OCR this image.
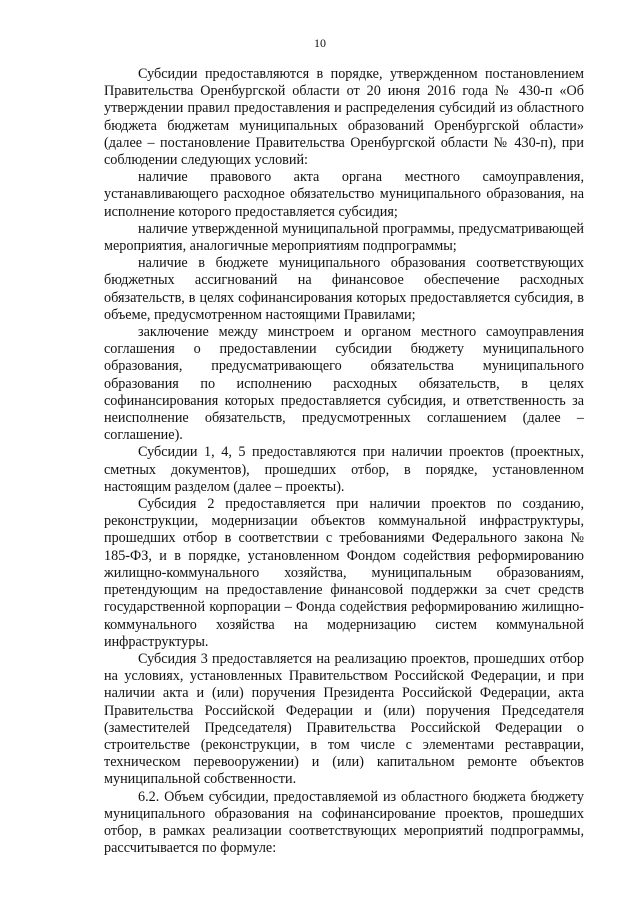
10

Субсидии предоставляются в порядке, утвержденном постановлением Правительства Оренбургской области от 20 июня 2016 года № 430-п «Об утверждении правил предоставления и распределения субсидий из областного бюджета бюджетам муниципальных образований Оренбургской области» (далее – постановление Правительства Оренбургской области № 430-п), при соблюдении следующих условий:

наличие правового акта органа местного самоуправления, устанавливающего расходное обязательство муниципального образования, на исполнение которого предоставляется субсидия;

наличие утвержденной муниципальной программы, предусматривающей мероприятия, аналогичные мероприятиям подпрограммы;

наличие в бюджете муниципального образования соответствующих бюджетных ассигнований на финансовое обеспечение расходных обязательств, в целях софинансирования которых предоставляется субсидия, в объеме, предусмотренном настоящими Правилами;

заключение между минстроем и органом местного самоуправления соглашения о предоставлении субсидии бюджету муниципального образования, предусматривающего обязательства муниципального образования по исполнению расходных обязательств, в целях софинансирования которых предоставляется субсидия, и ответственность за неисполнение обязательств, предусмотренных соглашением (далее – соглашение).

Субсидии 1, 4, 5 предоставляются при наличии проектов (проектных, сметных документов), прошедших отбор, в порядке, установленном настоящим разделом (далее – проекты).

Субсидия 2 предоставляется при наличии проектов по созданию, реконструкции, модернизации объектов коммунальной инфраструктуры, прошедших отбор в соответствии с требованиями Федерального закона № 185-ФЗ, и в порядке, установленном Фондом содействия реформированию жилищно-коммунального хозяйства, муниципальным образованиям, претендующим на предоставление финансовой поддержки за счет средств государственной корпорации – Фонда содействия реформированию жилищно-коммунального хозяйства на модернизацию систем коммунальной инфраструктуры.

Субсидия 3 предоставляется на реализацию проектов, прошедших отбор на условиях, установленных Правительством Российской Федерации, и при наличии акта и (или) поручения Президента Российской Федерации, акта Правительства Российской Федерации и (или) поручения Председателя (заместителей Председателя) Правительства Российской Федерации о строительстве (реконструкции, в том числе с элементами реставрации, техническом перевооружении) и (или) капитальном ремонте объектов муниципальной собственности.

6.2. Объем субсидии, предоставляемой из областного бюджета бюджету муниципального образования на софинансирование проектов, прошедших отбор, в рамках реализации соответствующих мероприятий подпрограммы, рассчитывается по формуле:
